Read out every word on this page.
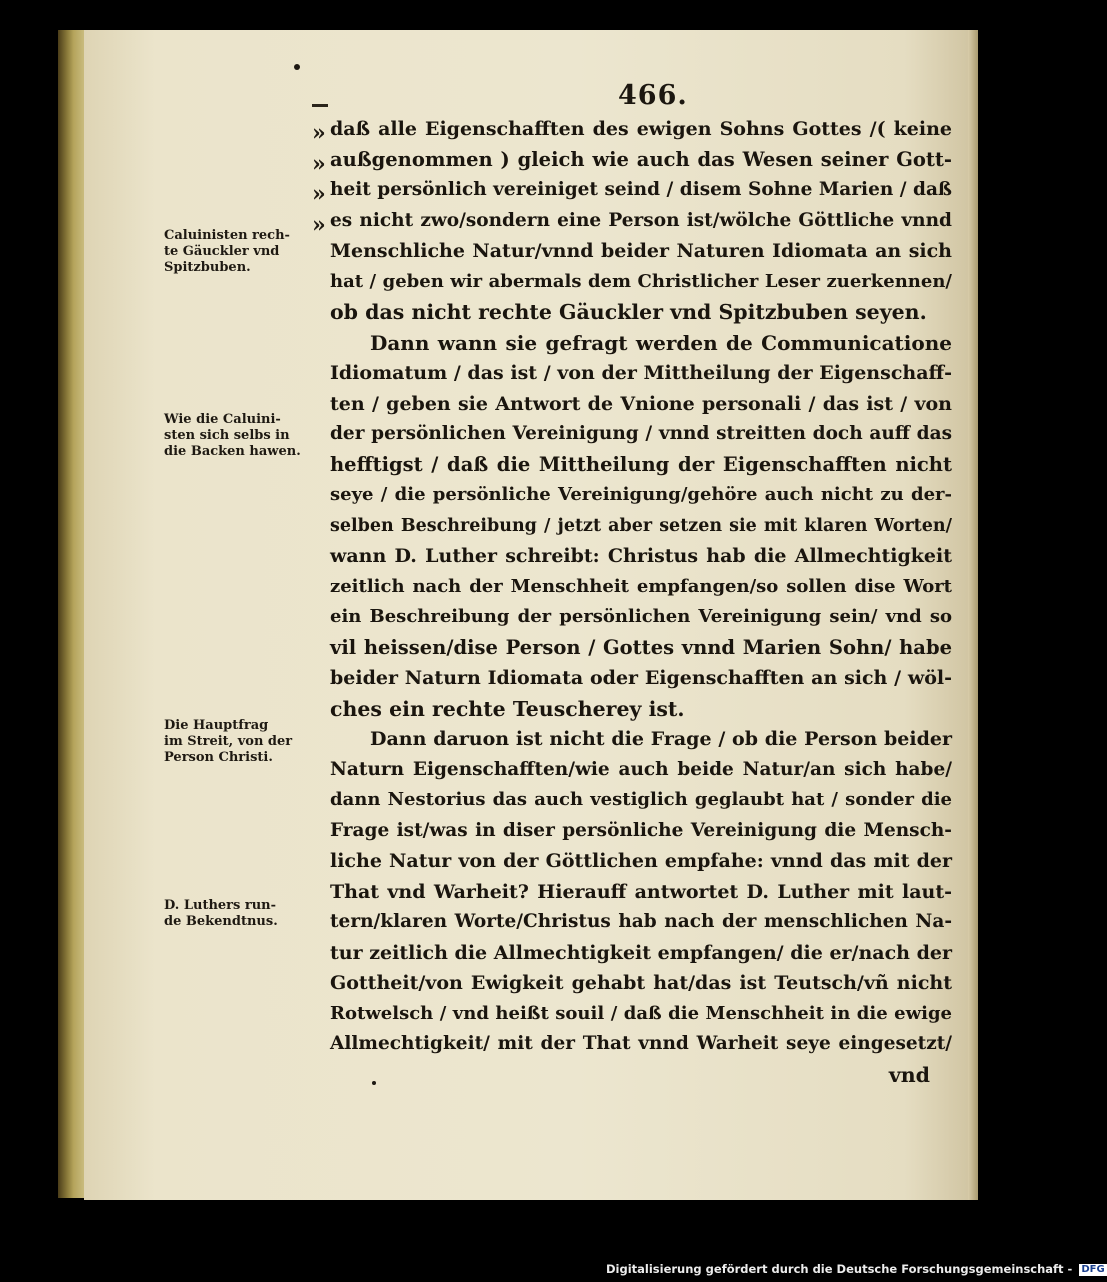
466.
»
»
»
»
daß alle Eigenschafften des ewigen Sohns Gottes /( keine
außgenommen ) gleich wie auch das Wesen seiner Gott-
heit persönlich vereiniget seind / disem Sohne Marien / daß
es nicht zwo/sondern eine Person ist/wölche Göttliche vnnd
Menschliche Natur/vnnd beider Naturen Idiomata an sich
hat / geben wir abermals dem Christlicher Leser zuerkennen/
ob das nicht rechte Gäuckler vnd Spitzbuben seyen.
Dann wann sie gefragt werden de Communicatione
Idiomatum / das ist / von der Mittheilung der Eigenschaff-
ten / geben sie Antwort de Vnione personali / das ist / von
der persönlichen Vereinigung / vnnd streitten doch auff das
hefftigst / daß die Mittheilung der Eigenschafften nicht
seye / die persönliche Vereinigung/gehöre auch nicht zu der-
selben Beschreibung / jetzt aber setzen sie mit klaren Worten/
wann D. Luther schreibt: Christus hab die Allmechtigkeit
zeitlich nach der Menschheit empfangen/so sollen dise Wort
ein Beschreibung der persönlichen Vereinigung sein/ vnd so
vil heissen/dise Person / Gottes vnnd Marien Sohn/ habe
beider Naturn Idiomata oder Eigenschafften an sich / wöl-
ches ein rechte Teuscherey ist.
Dann daruon ist nicht die Frage / ob die Person beider
Naturn Eigenschafften/wie auch beide Natur/an sich habe/
dann Nestorius das auch vestiglich geglaubt hat / sonder die
Frage ist/was in diser persönliche Vereinigung die Mensch-
liche Natur von der Göttlichen empfahe: vnnd das mit der
That vnd Warheit? Hierauff antwortet D. Luther mit laut-
tern/klaren Worte/Christus hab nach der menschlichen Na-
tur zeitlich die Allmechtigkeit empfangen/ die er/nach der
Gottheit/von Ewigkeit gehabt hat/das ist Teutsch/vñ nicht
Rotwelsch / vnd heißt souil / daß die Menschheit in die ewige
Allmechtigkeit/ mit der That vnnd Warheit seye eingesetzt/
vnd
Caluinisten rech-
te Gäuckler vnd
Spitzbuben.
Wie die Caluini-
sten sich selbs in
die Backen hawen.
Die Hauptfrag
im Streit, von der
Person Christi.
D. Luthers run-
de Bekendtnus.
Digitalisierung gefördert durch die Deutsche Forschungsgemeinschaft - DFG
